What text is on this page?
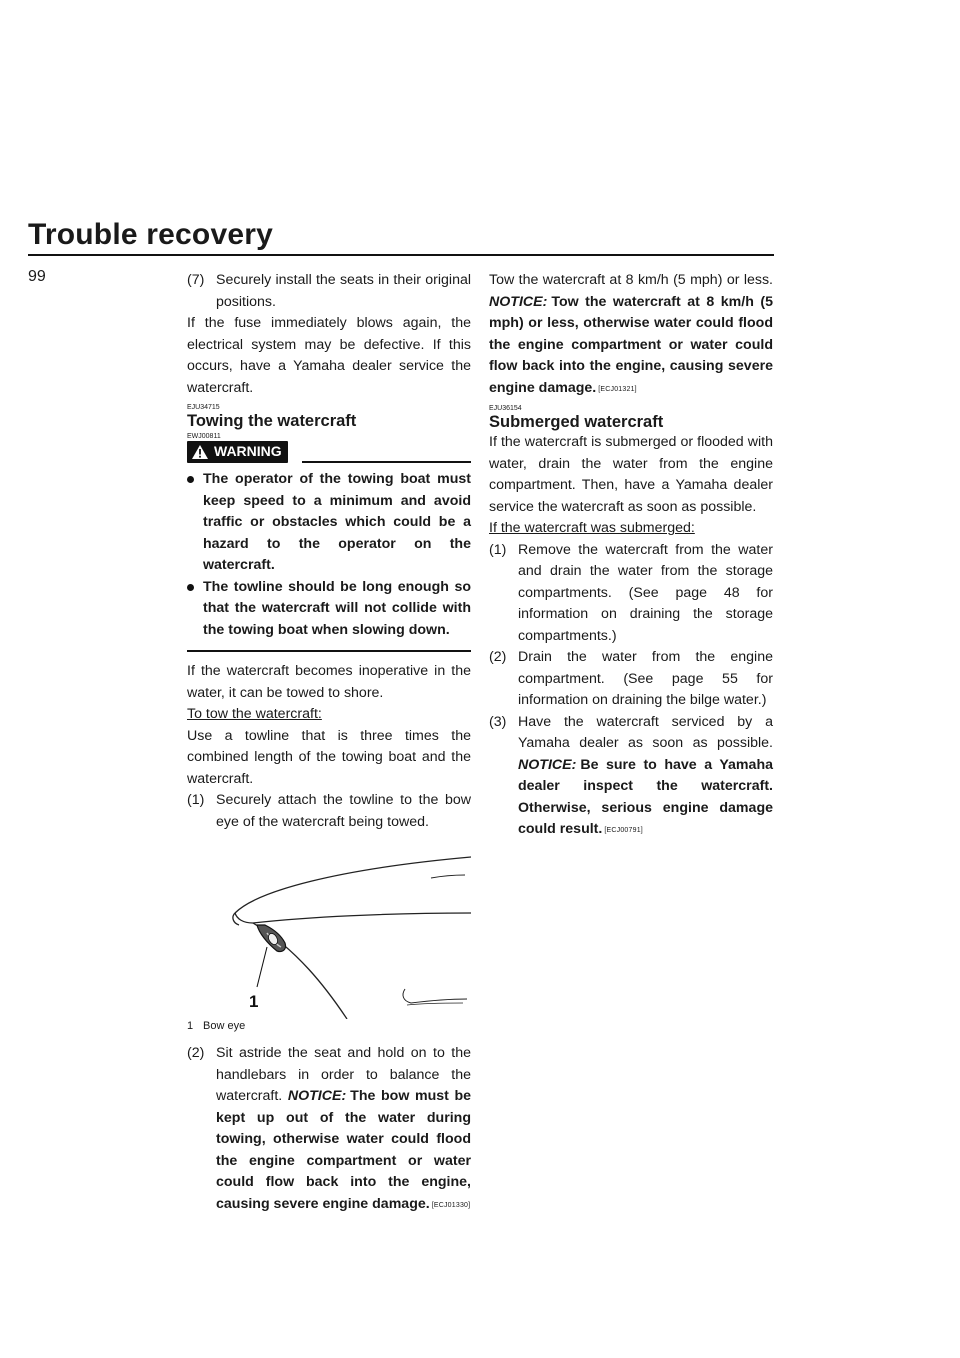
Trouble recovery
99	(7) Securely install the seats in their original positions.

If the fuse immediately blows again, the electrical system may be defective. If this occurs, have a Yamaha dealer service the watercraft.

EJU34715
Towing the watercraft
EWJ00811
WARNING
The operator of the towing boat must keep speed to a minimum and avoid traffic or obstacles which could be a hazard to the operator on the watercraft.
The towline should be long enough so that the watercraft will not collide with the towing boat when slowing down.

If the watercraft becomes inoperative in the water, it can be towed to shore.

To tow the watercraft:

Use a towline that is three times the combined length of the towing boat and the watercraft.

(1) Securely attach the towline to the bow eye of the watercraft being towed.
1
1 Bow eye
(2) Sit astride the seat and hold on to the handlebars in order to balance the watercraft. NOTICE: The bow must be kept up out of the water during towing, otherwise water could flood the engine compartment or water could flow back into the engine, causing severe engine damage. [ECJ01330]

Tow the watercraft at 8 km/h (5 mph) or less. NOTICE: Tow the watercraft at 8 km/h (5 mph) or less, otherwise water could flood the engine compartment or water could flow back into the engine, causing severe engine damage. [ECJ01321]

EJU36154
Submerged watercraft

If the watercraft is submerged or flooded with water, drain the water from the engine compartment. Then, have a Yamaha dealer service the watercraft as soon as possible.

If the watercraft was submerged:

(1) Remove the watercraft from the water and drain the water from the storage compartments. (See page 48 for information on draining the storage compartments.)
(2) Drain the water from the engine compartment. (See page 55 for information on draining the bilge water.)
(3) Have the watercraft serviced by a Yamaha dealer as soon as possible. NOTICE: Be sure to have a Yamaha dealer inspect the watercraft. Otherwise, serious engine damage could result. [ECJ00791]
